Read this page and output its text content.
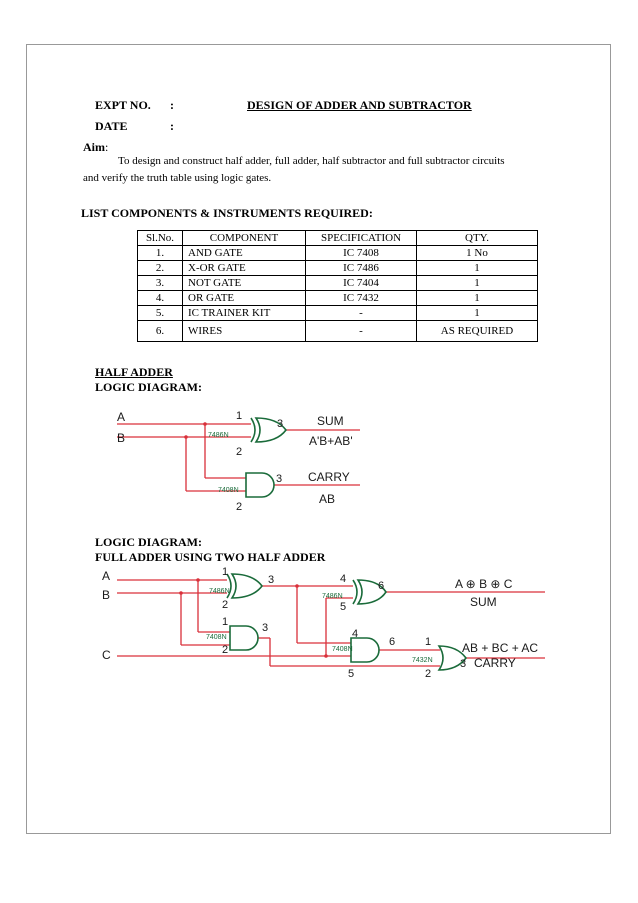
EXPT NO. :	DESIGN OF ADDER AND SUBTRACTOR
DATE	:
Aim:
To design and construct half adder, full adder, half subtractor and full subtractor circuits
and verify the truth table using logic gates.
LIST COMPONENTS & INSTRUMENTS REQUIRED:
Sl.No.	COMPONENT	SPECIFICATION	QTY.
1.	AND GATE	IC 7408	1 No
2.	X-OR GATE	IC 7486	1
3.	NOT GATE	IC 7404	1
4.	OR GATE	IC 7432	1
5.	IC TRAINER KIT	-	1
6.	WIRES	-	AS REQUIRED
HALF ADDER
LOGIC DIAGRAM:
A
B
1
2
3
2
3
7486N
7408N
SUM
A'B+AB'
CARRY
AB
LOGIC DIAGRAM:
FULL ADDER USING TWO HALF ADDER
A
B
C
7486N
7486N
7408N
7408N
7432N
1
2
3
1
2
3
4
5
6
4
5
6	1
2
3
A ⊕ B ⊕ C
SUM
AB + BC + AC
CARRY
